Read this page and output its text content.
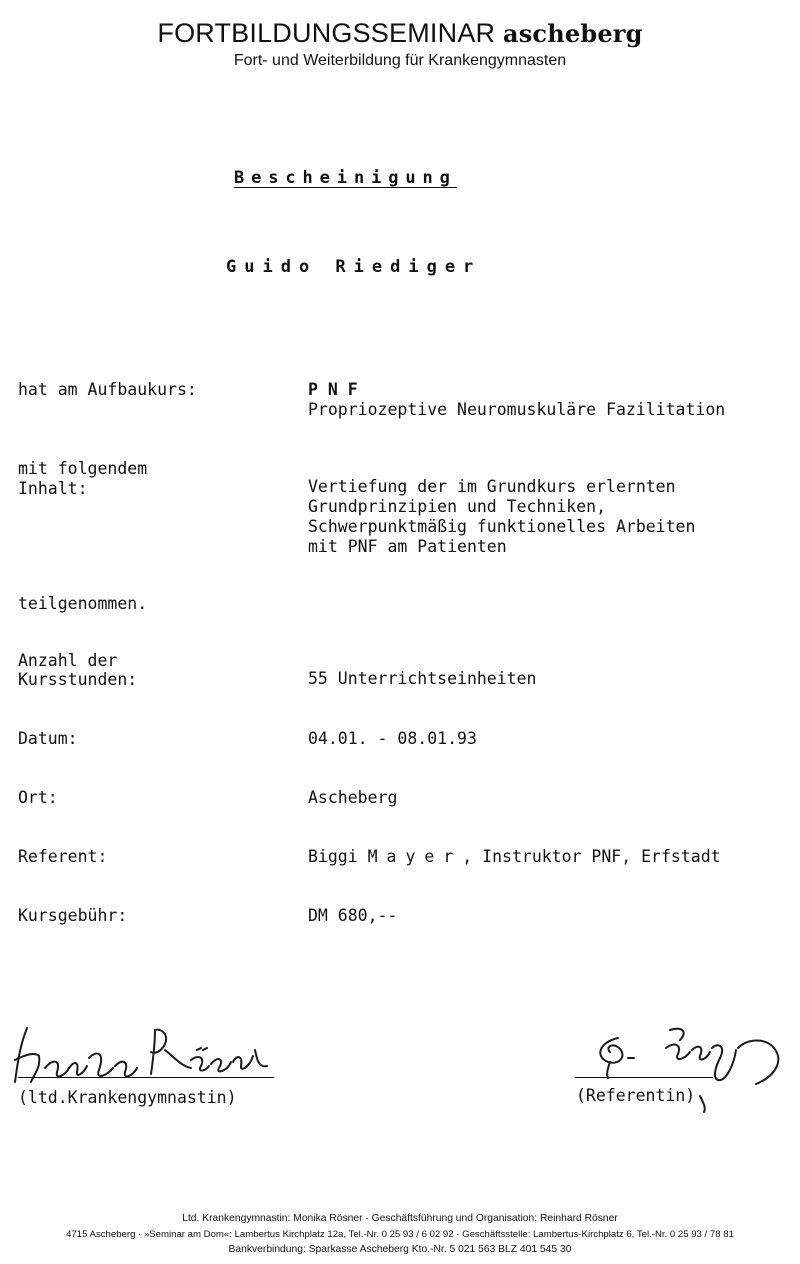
FORTBILDUNGSSEMINAR ascheberg
Fort- und Weiterbildung für Krankengymnasten
Bescheinigung
Guido Riediger
hat am Aufbaukurs:	P N F
Propriozeptive Neuromuskuläre Fazilitation
mit folgendem
Inhalt:	Vertiefung der im Grundkurs erlernten
Grundprinzipien und Techniken,
Schwerpunktmäßig funktionelles Arbeiten
mit PNF am Patienten
teilgenommen.
Anzahl der
Kursstunden:	55 Unterrichtseinheiten
Datum:	04.01. - 08.01.93
Ort:	Ascheberg
Referent:	Biggi Mayer, Instruktor PNF, Erfstadt
Kursgebühr:	DM 680,--
(ltd.Krankengymnastin)	(Referentin)
Ltd. Krankengymnastin: Monika Rösner · Geschäftsführung und Organisation: Reinhard Rösner
4715 Ascheberg · »Seminar am Dom«: Lambertus Kirchplatz 12a, Tel.-Nr. 0 25 93 / 6 02 92 · Geschäftsstelle: Lambertus-Kirchplatz 6, Tel.-Nr. 0 25 93 / 78 81
Bankverbindung: Sparkasse Ascheberg Kto.-Nr. 5 021 563 BLZ 401 545 30
